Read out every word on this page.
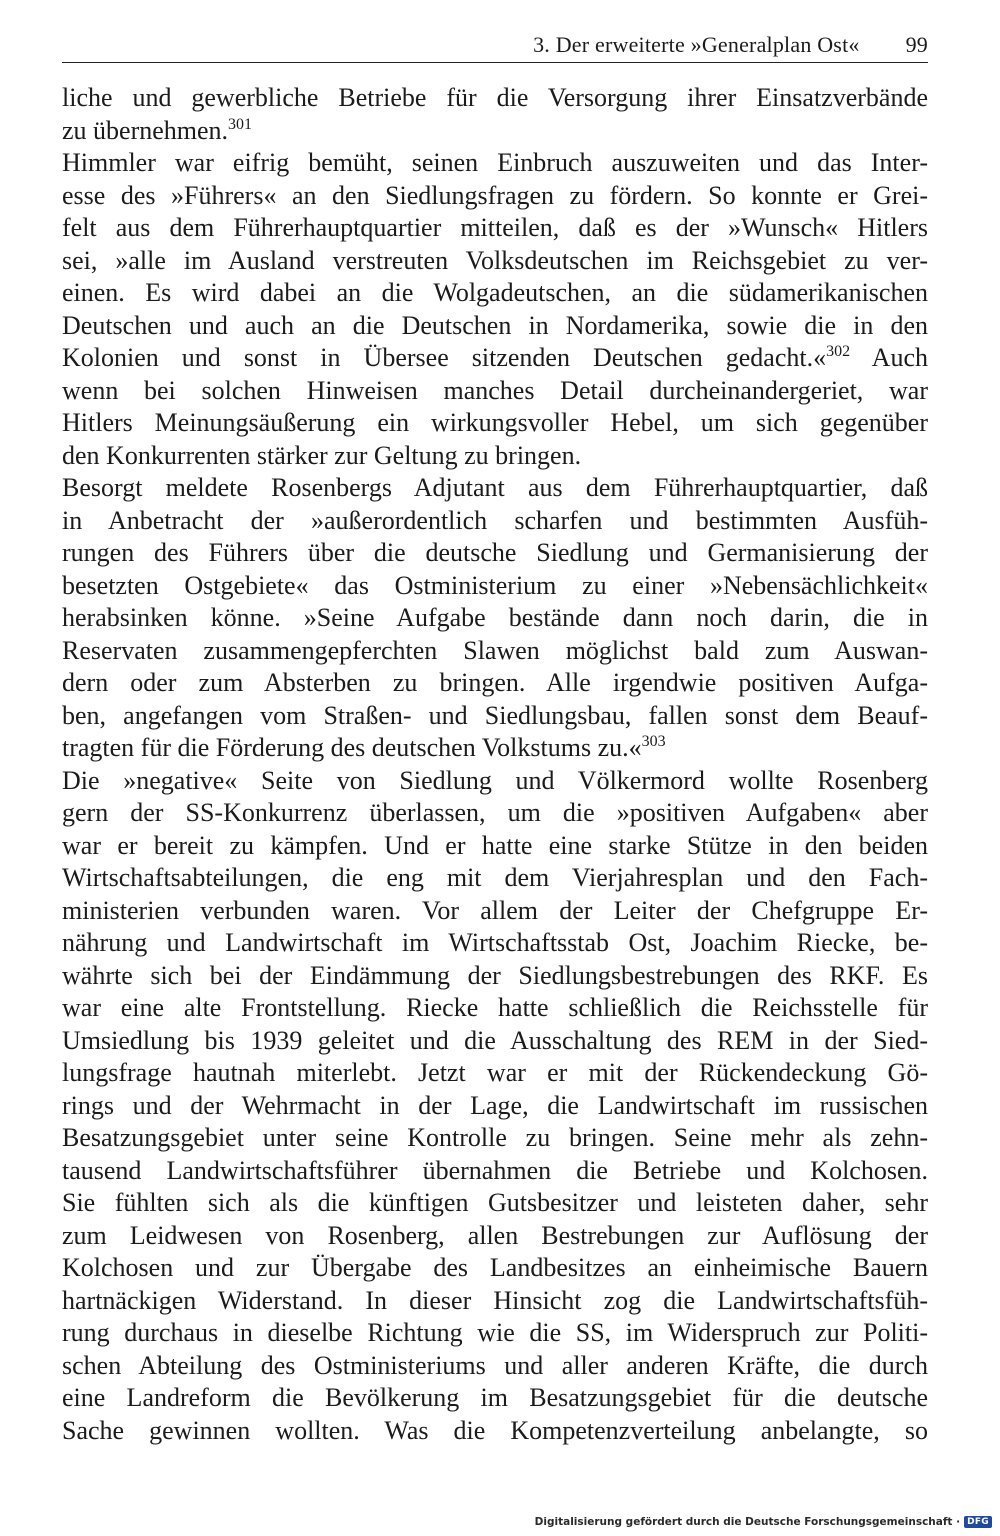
3. Der erweiterte »Generalplan Ost« 99

liche und gewerbliche Betriebe für die Versorgung ihrer Einsatzverbände

zu übernehmen.$^{301}$

Himmler war eifrig bemüht, seinen Einbruch auszuweiten und das Inter-

esse des »Führers« an den Siedlungsfragen zu fördern. So konnte er Grei-

felt aus dem Führerhauptquartier mitteilen, daß es der »Wunsch« Hitlers

sei, »alle im Ausland verstreuten Volksdeutschen im Reichsgebiet zu ver-

einen. Es wird dabei an die Wolgadeutschen, an die südamerikanischen

Deutschen und auch an die Deutschen in Nordamerika, sowie die in den

Kolonien und sonst in Übersee sitzenden Deutschen gedacht.«$^{302}$ Auch

wenn bei solchen Hinweisen manches Detail durcheinandergeriet, war

Hitlers Meinungsäußerung ein wirkungsvoller Hebel, um sich gegenüber

den Konkurrenten stärker zur Geltung zu bringen.

Besorgt meldete Rosenbergs Adjutant aus dem Führerhauptquartier, daß

in Anbetracht der »außerordentlich scharfen und bestimmten Ausfüh-

rungen des Führers über die deutsche Siedlung und Germanisierung der

besetzten Ostgebiete« das Ostministerium zu einer »Nebensächlichkeit«

herabsinken könne. »Seine Aufgabe bestände dann noch darin, die in

Reservaten zusammengepferchten Slawen möglichst bald zum Auswan-

dern oder zum Absterben zu bringen. Alle irgendwie positiven Aufga-

ben, angefangen vom Straßen- und Siedlungsbau, fallen sonst dem Beauf-

tragten für die Förderung des deutschen Volkstums zu.«$^{303}$

Die »negative« Seite von Siedlung und Völkermord wollte Rosenberg

gern der SS-Konkurrenz überlassen, um die »positiven Aufgaben« aber

war er bereit zu kämpfen. Und er hatte eine starke Stütze in den beiden

Wirtschaftsabteilungen, die eng mit dem Vierjahresplan und den Fach-

ministerien verbunden waren. Vor allem der Leiter der Chefgruppe Er-

nährung und Landwirtschaft im Wirtschaftsstab Ost, Joachim Riecke, be-

währte sich bei der Eindämmung der Siedlungsbestrebungen des RKF. Es

war eine alte Frontstellung. Riecke hatte schließlich die Reichsstelle für

Umsiedlung bis 1939 geleitet und die Ausschaltung des REM in der Sied-

lungsfrage hautnah miterlebt. Jetzt war er mit der Rückendeckung Gö-

rings und der Wehrmacht in der Lage, die Landwirtschaft im russischen

Besatzungsgebiet unter seine Kontrolle zu bringen. Seine mehr als zehn-

tausend Landwirtschaftsführer übernahmen die Betriebe und Kolchosen.

Sie fühlten sich als die künftigen Gutsbesitzer und leisteten daher, sehr

zum Leidwesen von Rosenberg, allen Bestrebungen zur Auflösung der

Kolchosen und zur Übergabe des Landbesitzes an einheimische Bauern

hartnäckigen Widerstand. In dieser Hinsicht zog die Landwirtschaftsfüh-

rung durchaus in dieselbe Richtung wie die SS, im Widerspruch zur Politi-

schen Abteilung des Ostministeriums und aller anderen Kräfte, die durch

eine Landreform die Bevölkerung im Besatzungsgebiet für die deutsche

Sache gewinnen wollten. Was die Kompetenzverteilung anbelangte, so

Digitalisierung gefördert durch die Deutsche Forschungsgemeinschaft · DFG
